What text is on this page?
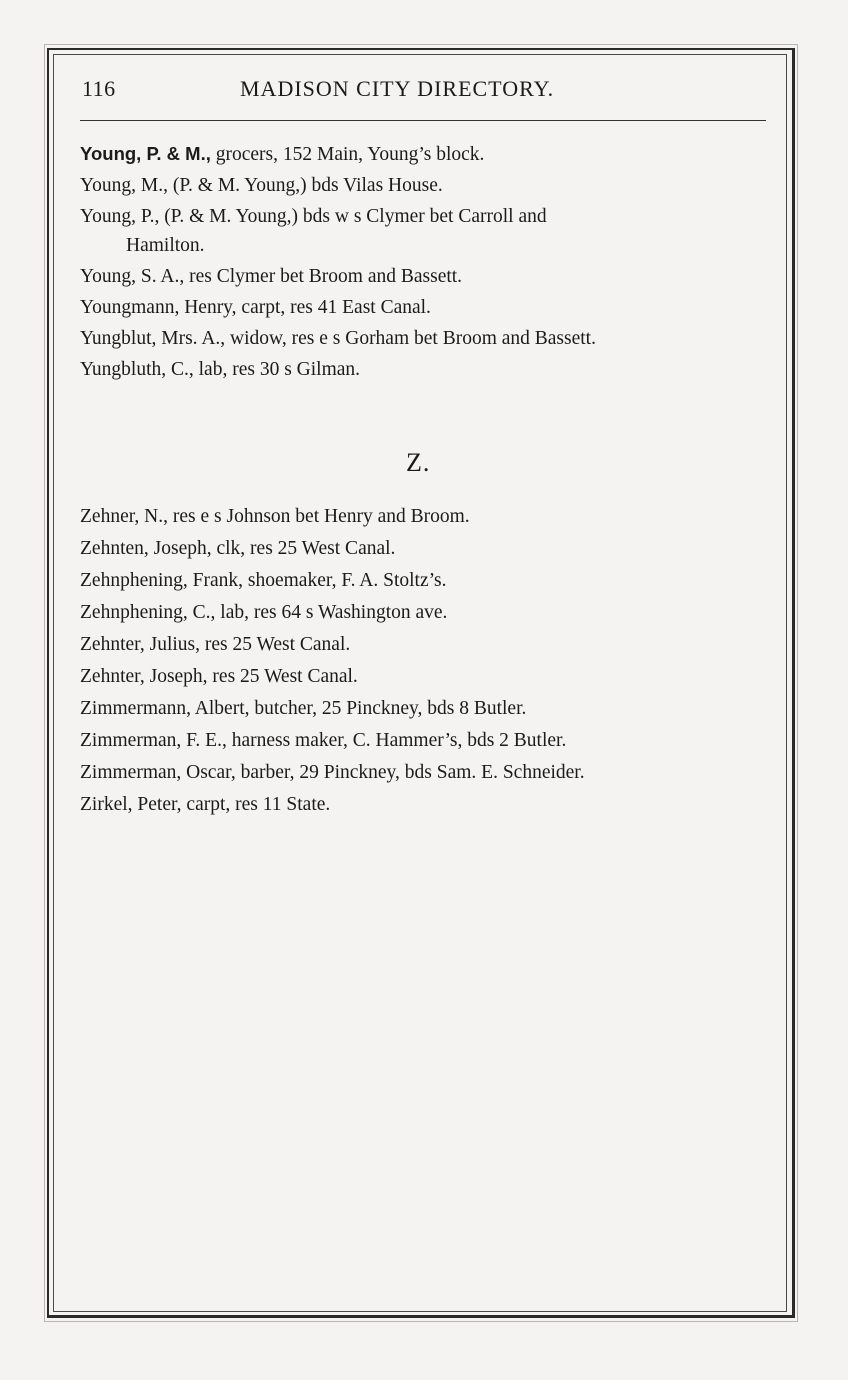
116	MADISON CITY DIRECTORY.
Young, P. & M., grocers, 152 Main, Young’s block.
Young, M., (P. & M. Young,) bds Vilas House.
Young, P., (P. & M. Young,) bds w s Clymer bet Carroll and
Hamilton.
Young, S. A., res Clymer bet Broom and Bassett.
Youngmann, Henry, carpt, res 41 East Canal.
Yungblut, Mrs. A., widow, res e s Gorham bet Broom and Bassett.
Yungbluth, C., lab, res 30 s Gilman.
Z.
Zehner, N., res e s Johnson bet Henry and Broom.
Zehnten, Joseph, clk, res 25 West Canal.
Zehnphening, Frank, shoemaker, F. A. Stoltz’s.
Zehnphening, C., lab, res 64 s Washington ave.
Zehnter, Julius, res 25 West Canal.
Zehnter, Joseph, res 25 West Canal.
Zimmermann, Albert, butcher, 25 Pinckney, bds 8 Butler.
Zimmerman, F. E., harness maker, C. Hammer’s, bds 2 Butler.
Zimmerman, Oscar, barber, 29 Pinckney, bds Sam. E. Schneider.
Zirkel, Peter, carpt, res 11 State.
